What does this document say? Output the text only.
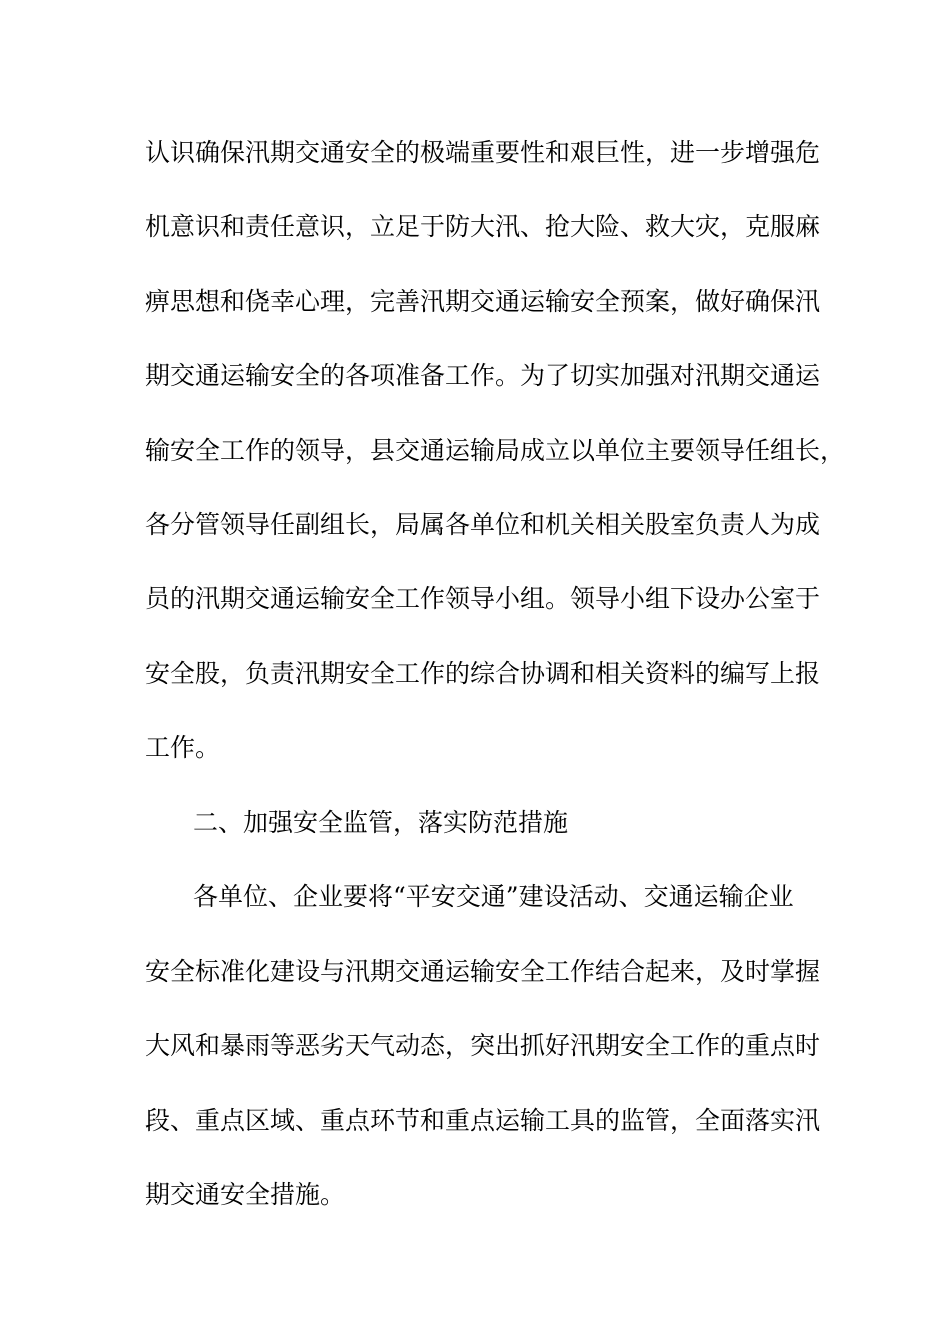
认识确保汛期交通安全的极端重要性和艰巨性，进一步增强危
机意识和责任意识，立足于防大汛、抢大险、救大灾，克服麻
痹思想和侥幸心理，完善汛期交通运输安全预案，做好确保汛
期交通运输安全的各项准备工作。为了切实加强对汛期交通运
输安全工作的领导，县交通运输局成立以单位主要领导任组长，
各分管领导任副组长，局属各单位和机关相关股室负责人为成
员的汛期交通运输安全工作领导小组。领导小组下设办公室于
安全股，负责汛期安全工作的综合协调和相关资料的编写上报
工作。
二、加强安全监管，落实防范措施
各单位、企业要将“平安交通”建设活动、交通运输企业
安全标准化建设与汛期交通运输安全工作结合起来，及时掌握
大风和暴雨等恶劣天气动态，突出抓好汛期安全工作的重点时
段、重点区域、重点环节和重点运输工具的监管，全面落实汛
期交通安全措施。
